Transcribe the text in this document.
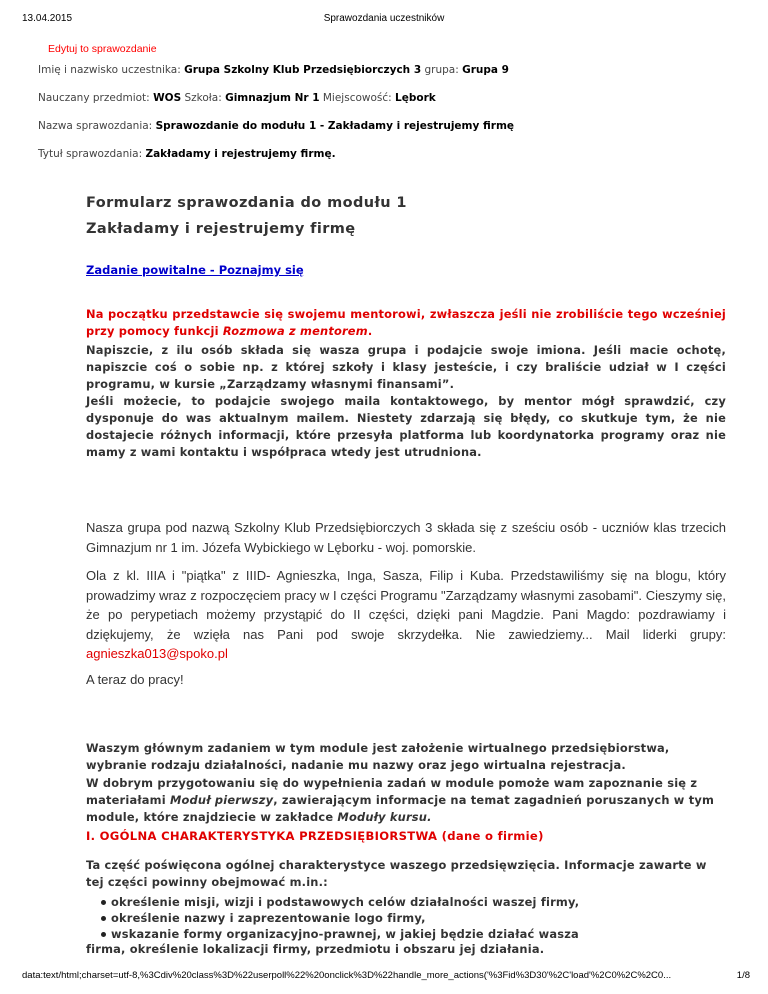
13.04.2015	Sprawozdania uczestników
Edytuj to sprawozdanie
Imię i nazwisko uczestnika: Grupa Szkolny Klub Przedsiębiorczych 3 grupa: Grupa 9
Nauczany przedmiot: WOS Szkoła: Gimnazjum Nr 1 Miejscowość: Lębork
Nazwa sprawozdania: Sprawozdanie do modułu 1 - Zakładamy i rejestrujemy firmę
Tytuł sprawozdania: Zakładamy i rejestrujemy firmę.
Formularz sprawozdania do modułu 1
Zakładamy i rejestrujemy firmę
Zadanie powitalne - Poznajmy się
Na początku przedstawcie się swojemu mentorowi, zwłaszcza jeśli nie zrobiliście tego wcześniej przy pomocy funkcji Rozmowa z mentorem.
Napiszcie, z ilu osób składa się wasza grupa i podajcie swoje imiona. Jeśli macie ochotę, napiszcie coś o sobie np. z której szkoły i klasy jesteście, i czy braliście udział w I części programu, w kursie „Zarządzamy własnymi finansami”.
Jeśli możecie, to podajcie swojego maila kontaktowego, by mentor mógł sprawdzić, czy dysponuje do was aktualnym mailem. Niestety zdarzają się błędy, co skutkuje tym, że nie dostajecie różnych informacji, które przesyła platforma lub koordynatorka programy oraz nie mamy z wami kontaktu i współpraca wtedy jest utrudniona.
Nasza grupa pod nazwą Szkolny Klub Przedsiębiorczych 3 składa się z sześciu osób - uczniów klas trzecich Gimnazjum nr 1 im. Józefa Wybickiego w Lęborku - woj. pomorskie.
Ola z kl. IIIA i "piątka" z IIID- Agnieszka, Inga, Sasza, Filip i Kuba. Przedstawiliśmy się na blogu, który prowadzimy wraz z rozpoczęciem pracy w I części Programu "Zarządzamy własnymi zasobami". Cieszymy się, że po perypetiach możemy przystąpić do II części, dzięki pani Magdzie. Pani Magdo: pozdrawiamy i dziękujemy, że wzięła nas Pani pod swoje skrzydełka. Nie zawiedziemy... Mail liderki grupy: agnieszka013@spoko.pl
A teraz do pracy!
Waszym głównym zadaniem w tym module jest założenie wirtualnego przedsiębiorstwa, wybranie rodzaju działalności, nadanie mu nazwy oraz jego wirtualna rejestracja.
W dobrym przygotowaniu się do wypełnienia zadań w module pomoże wam zapoznanie się z materiałami Moduł pierwszy, zawierającym informacje na temat zagadnień poruszanych w tym module, które znajdziecie w zakładce Moduły kursu.
I. OGÓLNA CHARAKTERYSTYKA PRZEDSIĘBIORSTWA (dane o firmie)
Ta część poświęcona ogólnej charakterystyce waszego przedsięwzięcia. Informacje zawarte w tej części powinny obejmować m.in.:
określenie misji, wizji i podstawowych celów działalności waszej firmy,
określenie nazwy i zaprezentowanie logo firmy,
wskazanie formy organizacyjno-prawnej, w jakiej będzie działać wasza
firma, określenie lokalizacji firmy, przedmiotu i obszaru jej działania.
data:text/html;charset=utf-8,%3Cdiv%20class%3D%22userpoll%22%20onclick%3D%22handle_more_actions('%3Fid%3D30'%2C'load'%2C0%2C%2C0...	1/8
